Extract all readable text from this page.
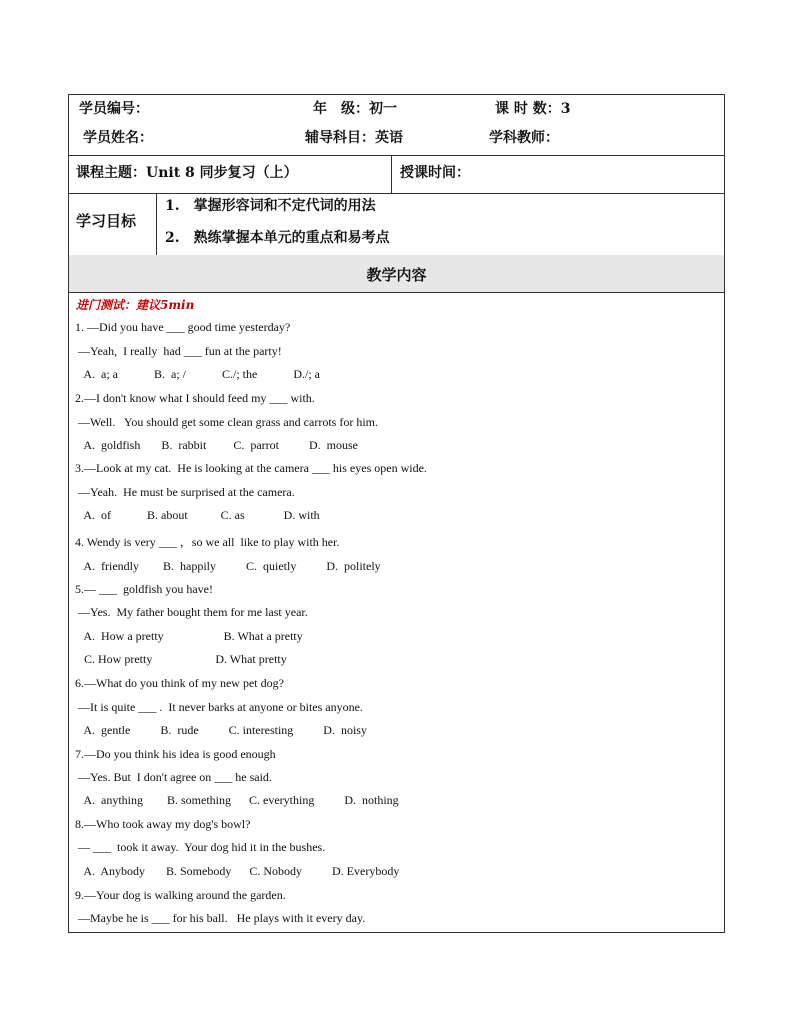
学员编号：	年　级：初一	课 时 数：3
学员姓名：	辅导科目：英语	学科教师：
课程主题：Unit 8 同步复习（上）	授课时间：
学习目标
1.　掌握形容词和不定代词的用法
2.　熟练掌握本单元的重点和易考点
教学内容
进门测试：建议5min
1. —Did you have ___ good time yesterday?
—Yeah,  I really  had ___ fun at the party!
A.  a; a            B.  a; /            C./; the            D./; a
2.—I don't know what I should feed my ___ with.
—Well.   You should get some clean grass and carrots for him.
A.  goldfish       B.  rabbit         C.  parrot          D.  mouse
3.—Look at my cat.  He is looking at the camera ___ his eyes open wide.
—Yeah.  He must be surprised at the camera.
A.  of            B. about           C. as             D. with
4. Wendy is very ___ ，so we all  like to play with her.
A.  friendly        B.  happily          C.  quietly          D.  politely
5.— ___  goldfish you have!
—Yes.  My father bought them for me last year.
A.  How a pretty                    B. What a pretty
C. How pretty                     D. What pretty
6.—What do you think of my new pet dog?
—It is quite ___ .  It never barks at anyone or bites anyone.
A.  gentle          B.  rude          C. interesting          D.  noisy
7.—Do you think his idea is good enough
—Yes. But  I don't agree on ___ he said.
A.  anything        B. something      C. everything          D.  nothing
8.—Who took away my dog's bowl?
— ___  took it away.  Your dog hid it in the bushes.
A.  Anybody       B. Somebody      C. Nobody          D. Everybody
9.—Your dog is walking around the garden.
—Maybe he is ___ for his ball.   He plays with it every day.
